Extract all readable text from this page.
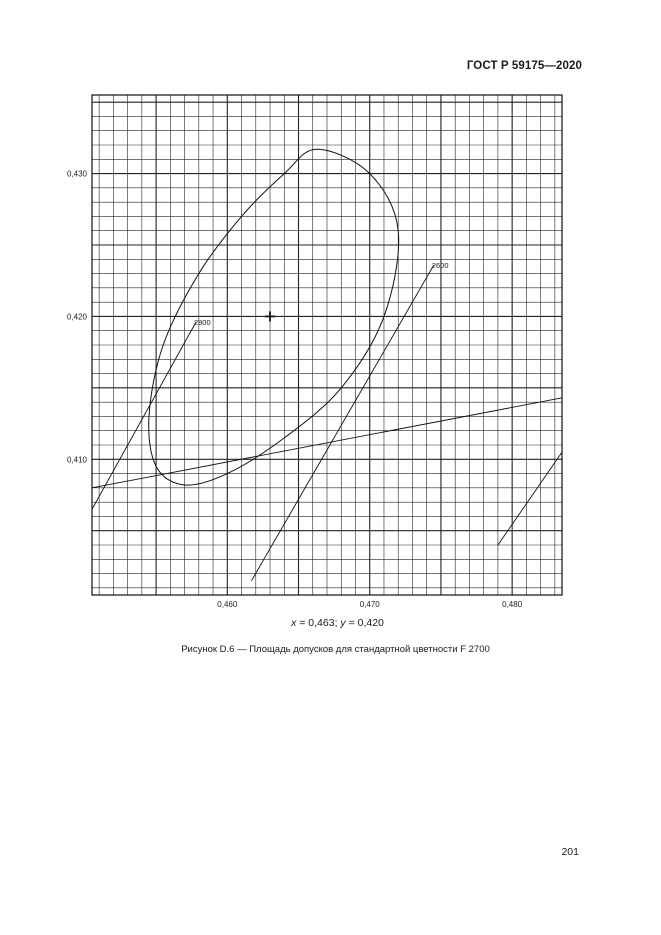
ГОСТ Р 59175—2020
2800
2600
0,460	0,470	0,480
0,430
0,420
0,410
x = 0,463; y = 0,420
Рисунок D.6 — Площадь допусков для стандартной цветности F 2700
201
